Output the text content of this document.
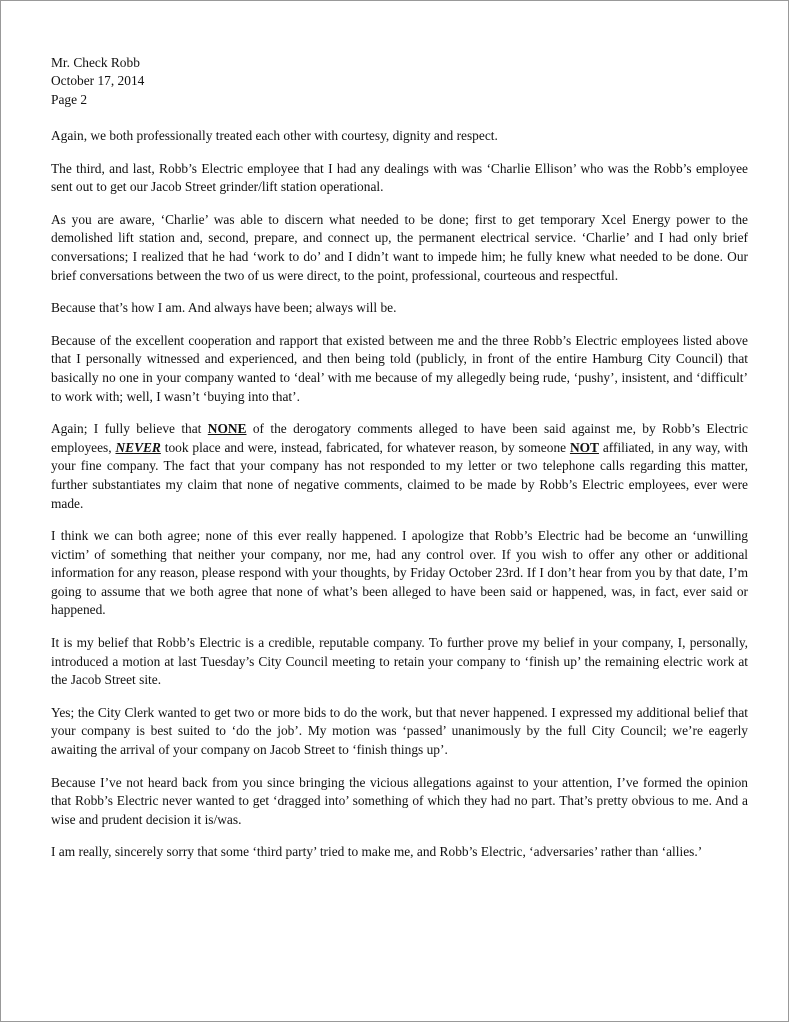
Mr. Check Robb
October 17, 2014
Page 2

Again, we both professionally treated each other with courtesy, dignity and respect.

The third, and last, Robb’s Electric employee that I had any dealings with was ‘Charlie Ellison’ who was the Robb’s employee sent out to get our Jacob Street grinder/lift station operational.

As you are aware, ‘Charlie’ was able to discern what needed to be done; first to get temporary Xcel Energy power to the demolished lift station and, second, prepare, and connect up, the permanent electrical service. ‘Charlie’ and I had only brief conversations; I realized that he had ‘work to do’ and I didn’t want to impede him; he fully knew what needed to be done. Our brief conversations between the two of us were direct, to the point, professional, courteous and respectful.

Because that’s how I am. And always have been; always will be.

Because of the excellent cooperation and rapport that existed between me and the three Robb’s Electric employees listed above that I personally witnessed and experienced, and then being told (publicly, in front of the entire Hamburg City Council) that basically no one in your company wanted to ‘deal’ with me because of my allegedly being rude, ‘pushy’, insistent, and ‘difficult’ to work with; well, I wasn’t ‘buying into that’.

Again; I fully believe that NONE of the derogatory comments alleged to have been said against me, by Robb’s Electric employees, NEVER took place and were, instead, fabricated, for whatever reason, by someone NOT affiliated, in any way, with your fine company. The fact that your company has not responded to my letter or two telephone calls regarding this matter, further substantiates my claim that none of negative comments, claimed to be made by Robb’s Electric employees, ever were made.

I think we can both agree; none of this ever really happened. I apologize that Robb’s Electric had be become an ‘unwilling victim’ of something that neither your company, nor me, had any control over. If you wish to offer any other or additional information for any reason, please respond with your thoughts, by Friday October 23rd. If I don’t hear from you by that date, I’m going to assume that we both agree that none of what’s been alleged to have been said or happened, was, in fact, ever said or happened.

It is my belief that Robb’s Electric is a credible, reputable company. To further prove my belief in your company, I, personally, introduced a motion at last Tuesday’s City Council meeting to retain your company to ‘finish up’ the remaining electric work at the Jacob Street site.

Yes; the City Clerk wanted to get two or more bids to do the work, but that never happened. I expressed my additional belief that your company is best suited to ‘do the job’. My motion was ‘passed’ unanimously by the full City Council; we’re eagerly awaiting the arrival of your company on Jacob Street to ‘finish things up’.

Because I’ve not heard back from you since bringing the vicious allegations against to your attention, I’ve formed the opinion that Robb’s Electric never wanted to get ‘dragged into’ something of which they had no part. That’s pretty obvious to me. And a wise and prudent decision it is/was.

I am really, sincerely sorry that some ‘third party’ tried to make me, and Robb’s Electric, ‘adversaries’ rather than ‘allies.’
